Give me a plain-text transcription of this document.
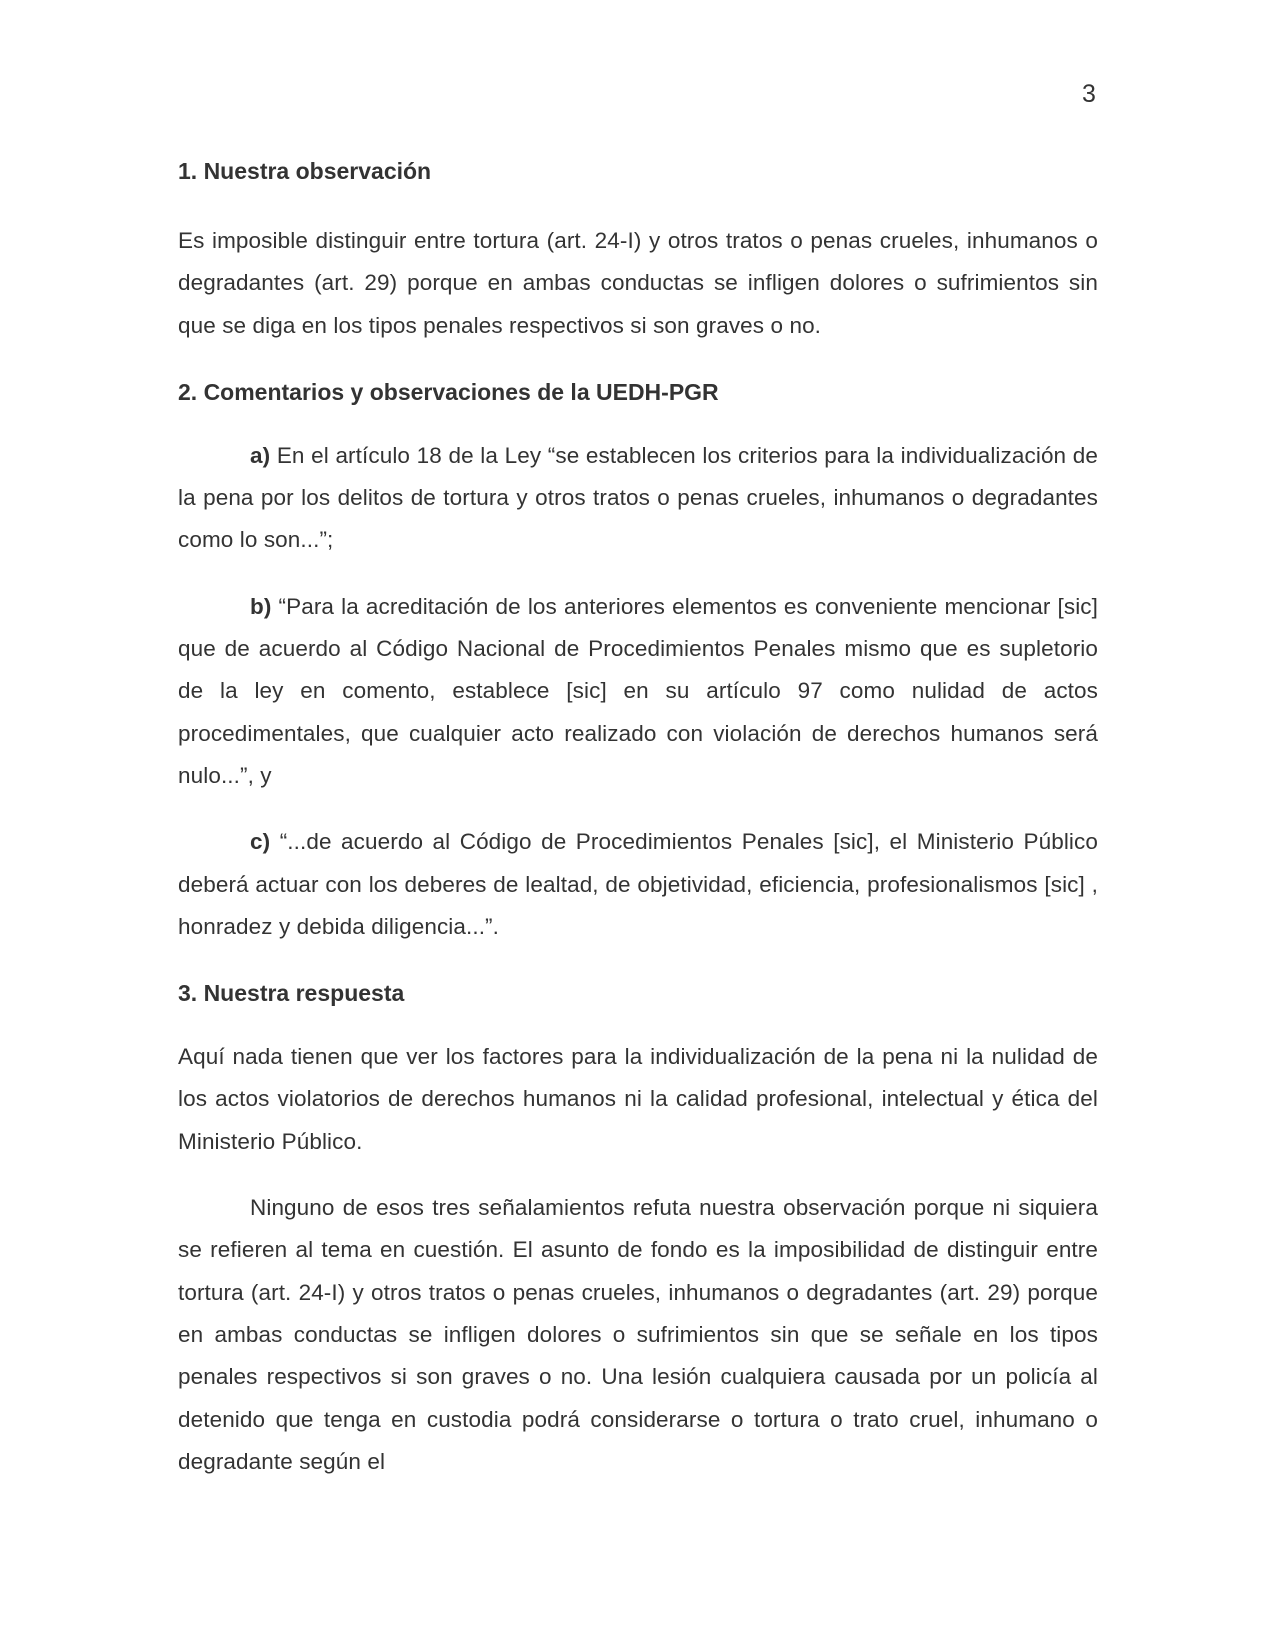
3
1. Nuestra observación

Es imposible distinguir entre tortura (art. 24-I) y otros tratos o penas crueles, inhumanos o degradantes (art. 29) porque en ambas conductas se infligen dolores o sufrimientos sin que se diga en los tipos penales respectivos si son graves o no.

2. Comentarios y observaciones de la UEDH-PGR

a) En el artículo 18 de la Ley “se establecen los criterios para la individualización de la pena por los delitos de tortura y otros tratos o penas crueles, inhumanos o degradantes como lo son...”;

b) “Para la acreditación de los anteriores elementos es conveniente mencionar [sic] que de acuerdo al Código Nacional de Procedimientos Penales mismo que es supletorio de la ley en comento, establece [sic] en su artículo 97 como nulidad de actos procedimentales, que cualquier acto realizado con violación de derechos humanos será nulo...”, y

c) “...de acuerdo al Código de Procedimientos Penales [sic], el Ministerio Público deberá actuar con los deberes de lealtad, de objetividad, eficiencia, profesionalismos [sic] , honradez y debida diligencia...”.

3. Nuestra respuesta

Aquí nada tienen que ver los factores para la individualización de la pena ni la nulidad de los actos violatorios de derechos humanos ni la calidad profesional, intelectual y ética del Ministerio Público.

Ninguno de esos tres señalamientos refuta nuestra observación porque ni siquiera se refieren al tema en cuestión. El asunto de fondo es la imposibilidad de distinguir entre tortura (art. 24-I) y otros tratos o penas crueles, inhumanos o degradantes (art. 29) porque en ambas conductas se infligen dolores o sufrimientos sin que se señale en los tipos penales respectivos si son graves o no. Una lesión cualquiera causada por un policía al detenido que tenga en custodia podrá considerarse o tortura o trato cruel, inhumano o degradante según el
